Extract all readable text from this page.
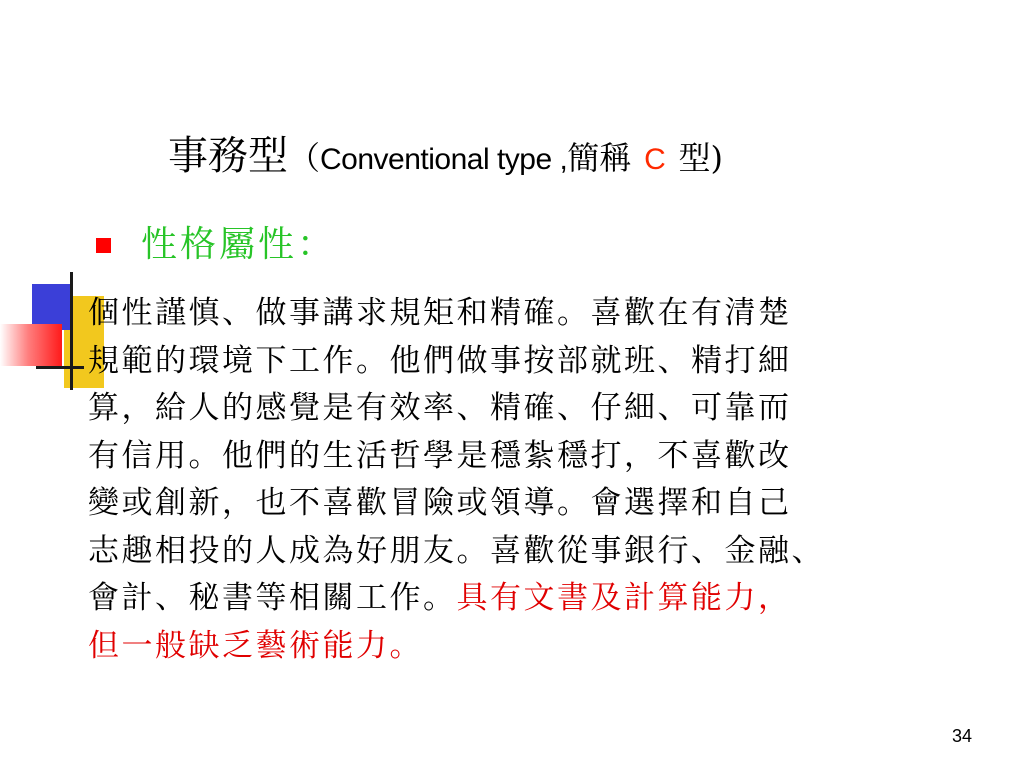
事務型（Conventional type ,簡稱 C 型)
性格屬性：
個性謹慎、做事講求規矩和精確。喜歡在有清楚
規範的環境下工作。他們做事按部就班、精打細
算，給人的感覺是有效率、精確、仔細、可靠而
有信用。他們的生活哲學是穩紮穩打，不喜歡改
變或創新，也不喜歡冒險或領導。會選擇和自己
志趣相投的人成為好朋友。喜歡從事銀行、金融、
會計、秘書等相關工作。具有文書及計算能力，
但一般缺乏藝術能力。
34
